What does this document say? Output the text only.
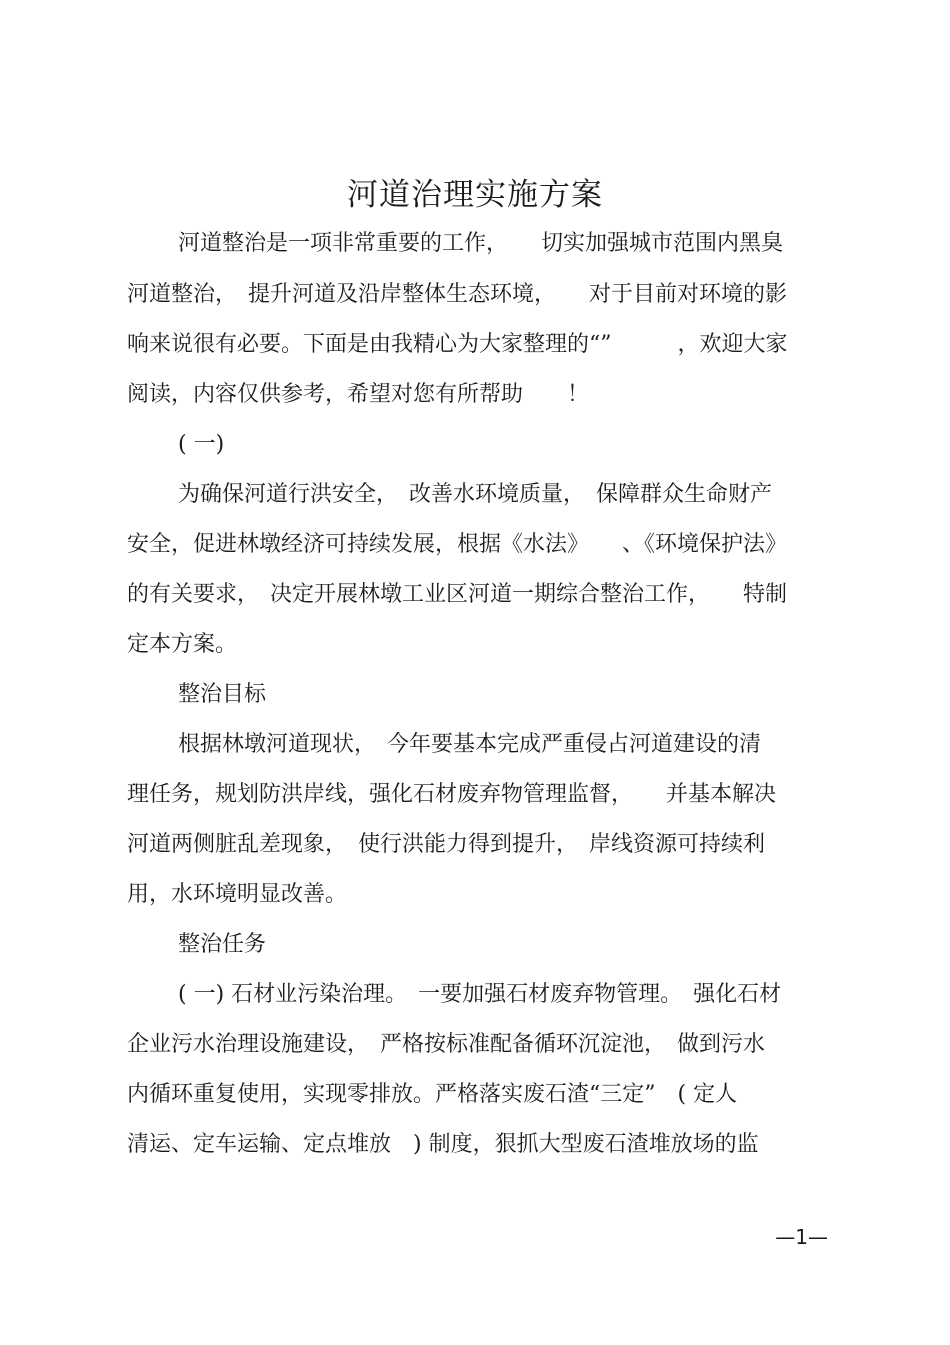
河道治理实施方案
河道整治是一项非常重要的工作，　　切实加强城市范围内黑臭
河道整治，　提升河道及沿岸整体生态环境，　　对于目前对环境的影
响来说很有必要。下面是由我精心为大家整理的“”　　　，欢迎大家
阅读，内容仅供参考，希望对您有所帮助　　！
( 一)
为确保河道行洪安全，　改善水环境质量，　保障群众生命财产
安全，促进林墩经济可持续发展，根据《水法》　　、《环境保护法》
的有关要求，　决定开展林墩工业区河道一期综合整治工作，　　特制
定本方案。
整治目标
根据林墩河道现状，　今年要基本完成严重侵占河道建设的清
理任务，规划防洪岸线，强化石材废弃物管理监督，　　并基本解决
河道两侧脏乱差现象，　使行洪能力得到提升，　岸线资源可持续利
用，水环境明显改善。
整治任务
( 一) 石材业污染治理。　一要加强石材废弃物管理。　强化石材
企业污水治理设施建设，　严格按标准配备循环沉淀池，　做到污水
内循环重复使用，实现零排放。严格落实废石渣“三定”　( 定人
清运、定车运输、定点堆放　) 制度，狠抓大型废石渣堆放场的监
—1—
